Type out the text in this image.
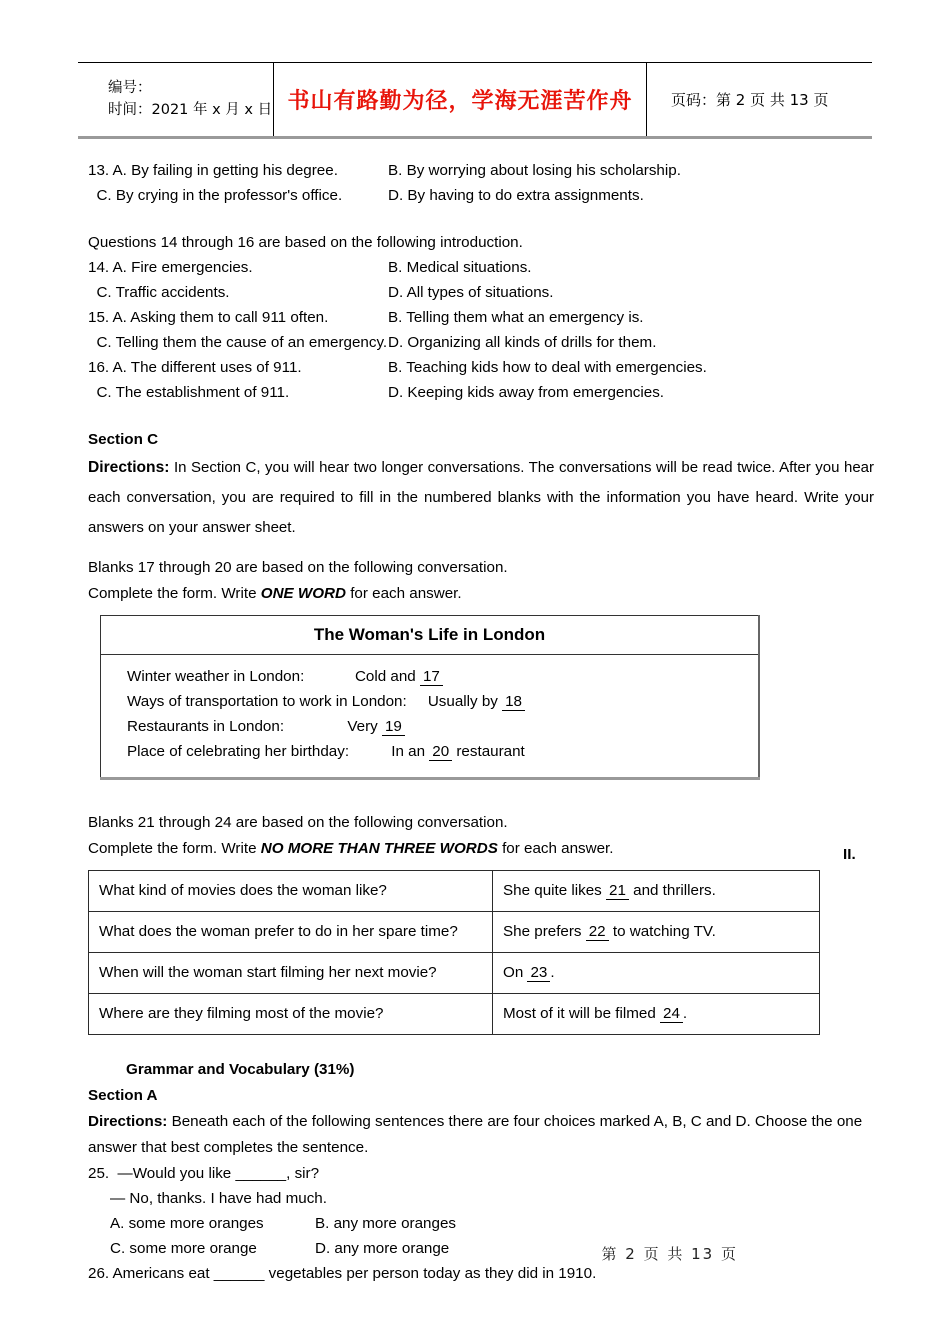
编号：
时间：2021 年 x 月 x 日 书山有路勤为径，学海无涯苦作舟	页码：第 2 页 共 13 页
13. A. By failing in getting his degree.	B. By worrying about losing his scholarship.
C. By crying in the professor's office.	D. By having to do extra assignments.
Questions 14 through 16 are based on the following introduction.
14. A. Fire emergencies.	B. Medical situations.
C. Traffic accidents.	D. All types of situations.
15. A. Asking them to call 911 often.	B. Telling them what an emergency is.
C. Telling them the cause of an emergency. D. Organizing all kinds of drills for them.
16. A. The different uses of 911.	B. Teaching kids how to deal with emergencies.
C. The establishment of 911.	D. Keeping kids away from emergencies.
Section C
Directions: In Section C, you will hear two longer conversations. The conversations will be read twice. After you hear each conversation, you are required to fill in the numbered blanks with the information you have heard. Write your answers on your answer sheet.
Blanks 17 through 20 are based on the following conversation.
Complete the form. Write ONE WORD for each answer.
The Woman's Life in London

Winter weather in London:	Cold and 17
Ways of transportation to work in London: Usually by 18
Restaurants in London:	Very 19
Place of celebrating her birthday:	In an 20 restaurant
Blanks 21 through 24 are based on the following conversation.
Complete the form. Write NO MORE THAN THREE WORDS for each answer.
What kind of movies does the woman like?	She quite likes 21 and thrillers.
What does the woman prefer to do in her spare time?	She prefers 22 to watching TV.
When will the woman start filming her next movie?	On 23 .
Where are they filming most of the movie?	Most of it will be filmed 24 .
Grammar and Vocabulary (31%)
Section A
Directions: Beneath each of the following sentences there are four choices marked A, B, C and D. Choose the one answer that best completes the sentence.
25.  —Would you like ______, sir?
— No, thanks. I have had much.
A. some more oranges	B. any more oranges
C. some more orange	D. any more orange
26. Americans eat ______ vegetables per person today as they did in 1910.
II.
第 2 页 共 13 页
